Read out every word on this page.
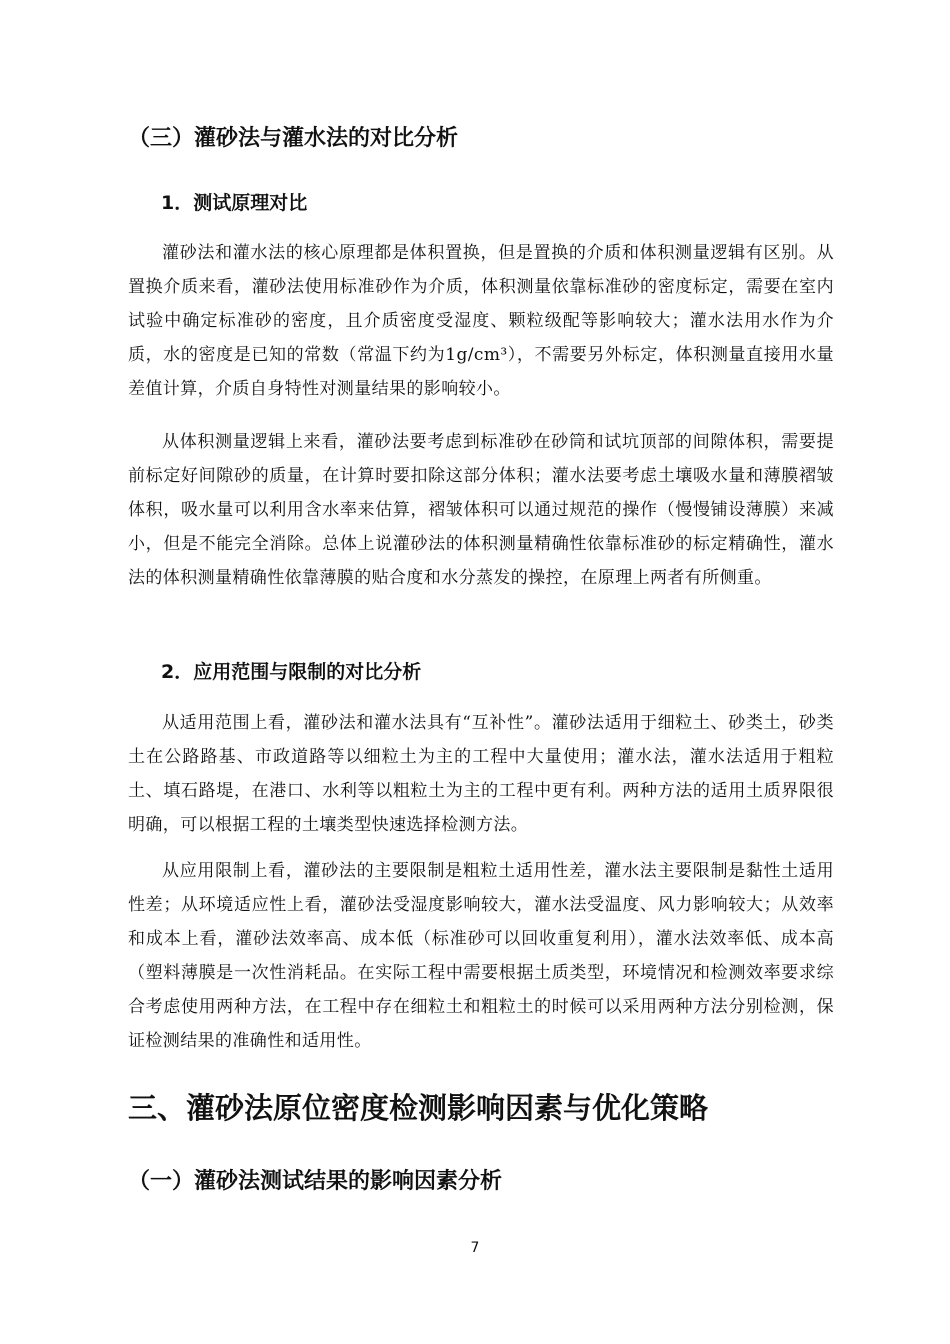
（三）灌砂法与灌水法的对比分析
1．测试原理对比

灌砂法和灌水法的核心原理都是体积置换，但是置换的介质和体积测量逻辑有区别。从置换介质来看，灌砂法使用标准砂作为介质，体积测量依靠标准砂的密度标定，需要在室内试验中确定标准砂的密度，且介质密度受湿度、颗粒级配等影响较大；灌水法用水作为介质，水的密度是已知的常数（常温下约为1g/cm³），不需要另外标定，体积测量直接用水量差值计算，介质自身特性对测量结果的影响较小。

从体积测量逻辑上来看，灌砂法要考虑到标准砂在砂筒和试坑顶部的间隙体积，需要提前标定好间隙砂的质量，在计算时要扣除这部分体积；灌水法要考虑土壤吸水量和薄膜褶皱体积，吸水量可以利用含水率来估算，褶皱体积可以通过规范的操作（慢慢铺设薄膜）来减小，但是不能完全消除。总体上说灌砂法的体积测量精确性依靠标准砂的标定精确性，灌水法的体积测量精确性依靠薄膜的贴合度和水分蒸发的操控，在原理上两者有所侧重。

2．应用范围与限制的对比分析

从适用范围上看，灌砂法和灌水法具有“互补性”。灌砂法适用于细粒土、砂类土，砂类土在公路路基、市政道路等以细粒土为主的工程中大量使用；灌水法，灌水法适用于粗粒土、填石路堤，在港口、水利等以粗粒土为主的工程中更有利。两种方法的适用土质界限很明确，可以根据工程的土壤类型快速选择检测方法。

从应用限制上看，灌砂法的主要限制是粗粒土适用性差，灌水法主要限制是黏性土适用性差；从环境适应性上看，灌砂法受湿度影响较大，灌水法受温度、风力影响较大；从效率和成本上看，灌砂法效率高、成本低（标准砂可以回收重复利用），灌水法效率低、成本高（塑料薄膜是一次性消耗品。在实际工程中需要根据土质类型，环境情况和检测效率要求综合考虑使用两种方法，在工程中存在细粒土和粗粒土的时候可以采用两种方法分别检测，保证检测结果的准确性和适用性。

三、灌砂法原位密度检测影响因素与优化策略
（一）灌砂法测试结果的影响因素分析
7
